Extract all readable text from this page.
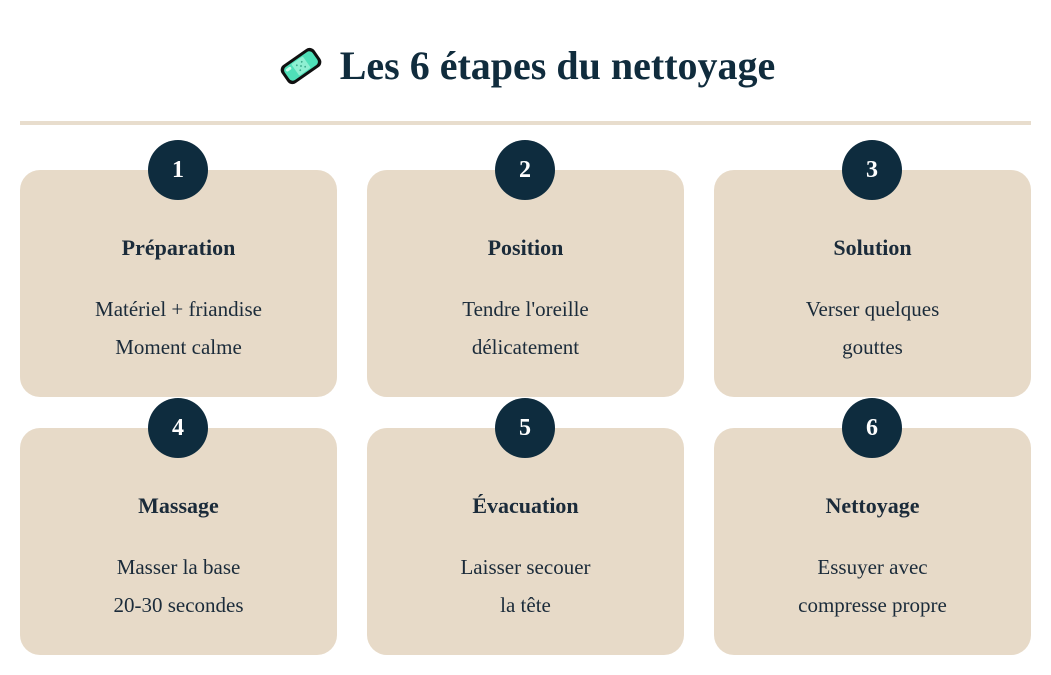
Les 6 étapes du nettoyage
1
Préparation
Matériel + friandise
Moment calme
2
Position
Tendre l'oreille
délicatement
3
Solution
Verser quelques
gouttes
4
Massage
Masser la base
20-30 secondes
5
Évacuation
Laisser secouer
la tête
6
Nettoyage
Essuyer avec
compresse propre
